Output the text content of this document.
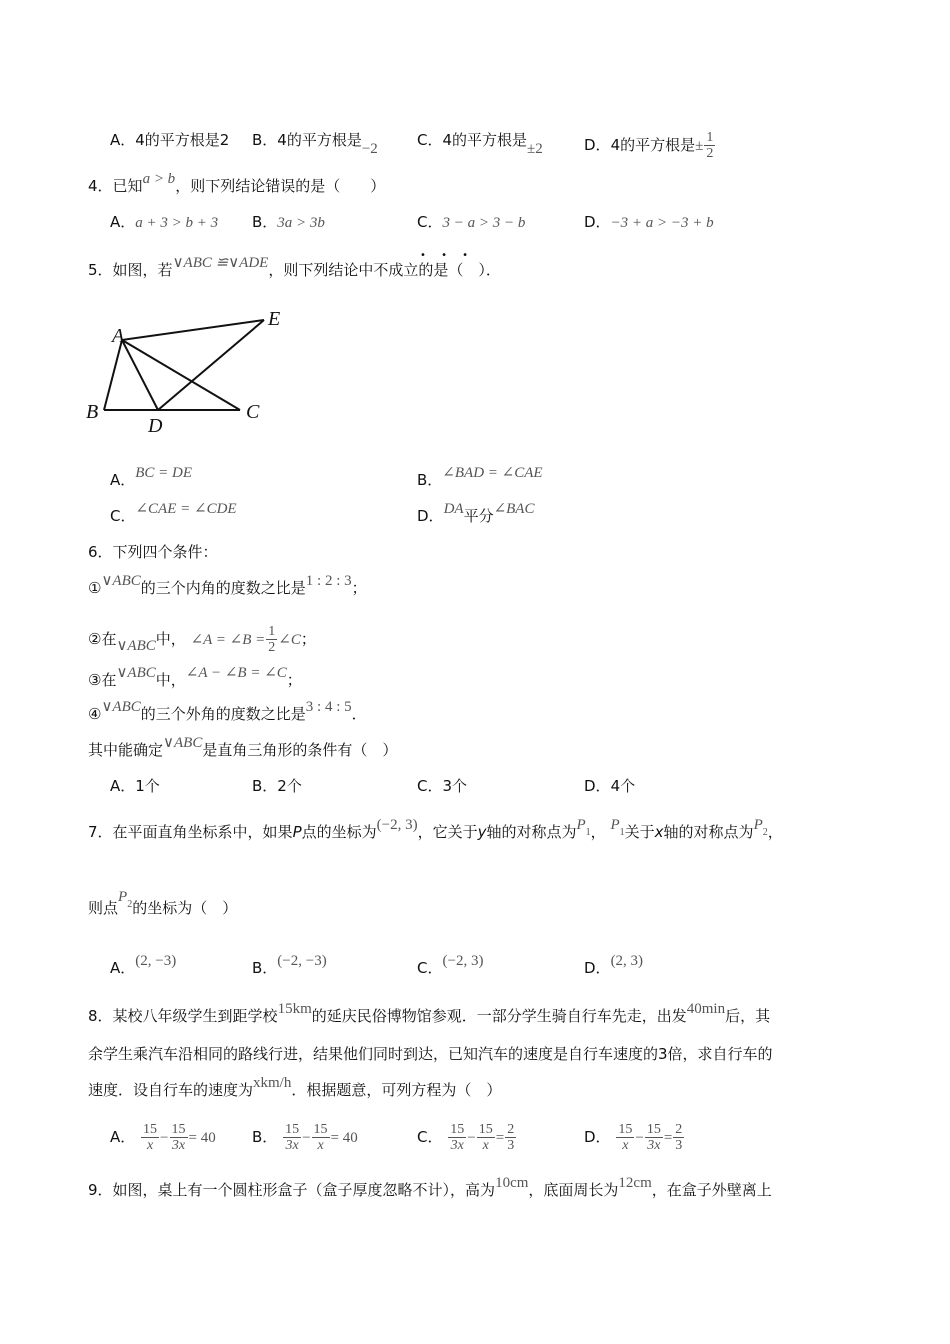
A．4的平方根是2 B．4的平方根是−2	C．4的平方根是±2	D．4的平方根是± $\frac{1}{2}$
4．已知a > b，则下列结论错误的是（　　）
A．a + 3 > b + 3 B．3a > 3b	C．3 − a > 3 − b	D．−3 + a > −3 + b
• • •
5．如图，若∨ABC ≌∨ADE，则下列结论中不成立的是（　）．
A
E
B	C
D
A．BC = DE	B．∠BAD = ∠CAE
C．∠CAE = ∠CDE	D．DA平分∠BAC
6．下列四个条件：
①∨ABC的三个内角的度数之比是1 : 2 : 3；
②在∨ABC中， ∠A = ∠B = $\frac{1}{2}$ ∠C；
③在∨ABC中，∠A − ∠B = ∠C；
④∨ABC的三个外角的度数之比是3 : 4 : 5．
其中能确定∨ABC是直角三角形的条件有（　）
A．1个	B．2个	C．3个	D．4个
7．在平面直角坐标系中，如果P点的坐标为(−2, 3)，它关于y轴的对称点为P1， P1关于x轴的对称点为P2，
则点$P^2$的坐标为（　）
A．(2, −3)	B．(−2, −3)	C．(−2, 3)	D．(2, 3)
8．某校八年级学生到距学校15km的延庆民俗博物馆参观．一部分学生骑自行车先走，出发40min后，其
余学生乘汽车沿相同的路线行进，结果他们同时到达，已知汽车的速度是自行车速度的3倍，求自行车的
速度．设自行车的速度为xkm/h．根据题意，可列方程为（　）
A． $\frac{15}{x} - \frac{15}{3x} = 40$ B． $\frac{15}{3x} - \frac{15}{x} = 40$	C． $\frac{15}{3x} - \frac{15}{x} = \frac{2}{3}$	D． $\frac{15}{x} - \frac{15}{3x} = \frac{2}{3}$
9．如图，桌上有一个圆柱形盒子（盒子厚度忽略不计），高为10cm，底面周长为12cm，在盒子外壁离上
